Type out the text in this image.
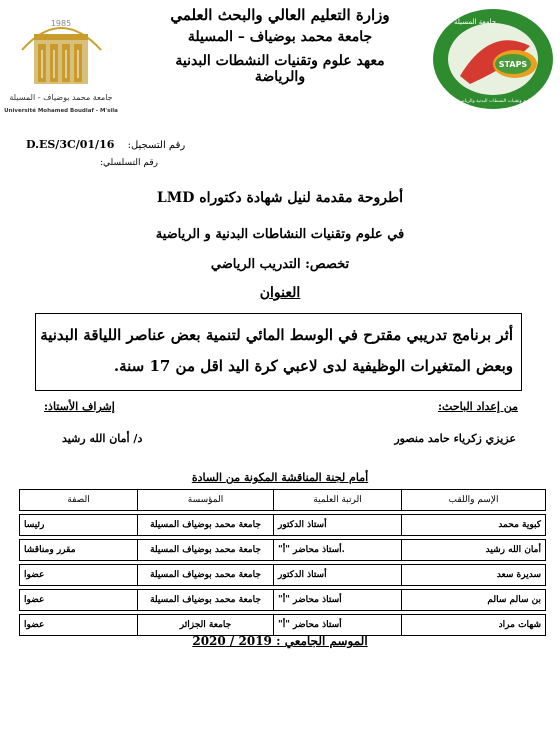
وزارة التعليم العالي والبحث العلمي
جامعة محمد بوضياف – المسيلة
معهد علوم وتقنيات النشطات البدنية والرياضة
1985
جامعة محمد بوضياف - المسيلة
Université Mohamed Boudiaf - M'sila
STAPS
جامعة المسيلة
معهد علوم وتقنيات النشطات البدنية والرياضية
رقم التسجيل: D.ES/3C/01/16
رقم التسلسلي:
أطروحة مقدمة لنيل شهادة دكتوراه LMD
في علوم وتقنيات النشاطات البدنية و الرياضية
تخصص: التدريب الرياضي
العنوان
أثر برنامج تدريبي مقترح في الوسط المائي لتنمية بعض عناصر اللياقة البدنية وبعض المتغيرات الوظيفية لدى لاعبي كرة اليد اقل من 17 سنة.
من إعداد الباحث:
إشراف الأستاذ:
عزيزي زكرياء حامد منصور
د/ أمان الله رشيد
أمام لجنة المناقشة المكونة من السادة

الصفة	المؤسسة	الرتبة العلمية	الإسم واللقب

رئيسا	جامعة محمد بوضياف المسيلة	أستاذ الدكتور	كبوية محمد

مقرر ومناقشا	جامعة محمد بوضياف المسيلة	.أستاذ محاضر "أ"	أمان الله رشيد

عضوا	جامعة محمد بوضياف المسيلة	أستاذ الدكتور	سديرة سعد

عضوا	جامعة محمد بوضياف المسيلة	أستاذ محاضر "أ"	بن سالم سالم

عضوا	جامعة الجزائر	أستاذ محاضر "أ"	شهات مراد
الموسم الجامعي : 2019 / 2020
